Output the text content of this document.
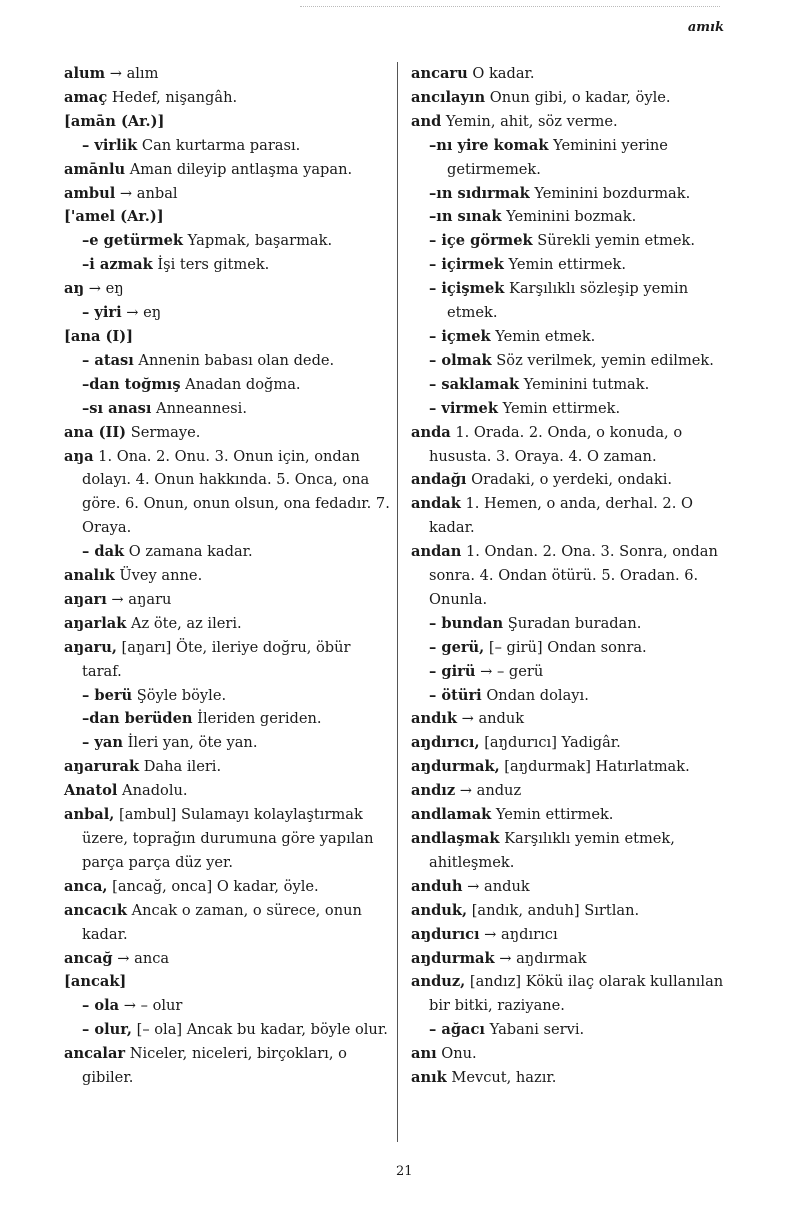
amık

alum → alım

amaç Hedef, nişangâh.

[amān (Ar.)]

– virlik Can kurtarma parası.

amānlu Aman dileyip antlaşma yapan.

ambul → anbal

['amel (Ar.)]

–e getürmek Yapmak, başarmak.

–i azmak İşi ters gitmek.

aŋ → eŋ

– yiri → eŋ

[ana (I)]

– atası Annenin babası olan dede.

–dan toğmış Anadan doğma.

–sı anası Anneannesi.

ana (II) Sermaye.

aŋa 1. Ona. 2. Onu. 3. Onun için, ondan dolayı. 4. Onun hakkında. 5. Onca, ona göre. 6. Onun, onun olsun, ona fedadır. 7. Oraya.

– dak O zamana kadar.

analık Üvey anne.

aŋarı → aŋaru

aŋarlak Az öte, az ileri.

aŋaru, [aŋarı] Öte, ileriye doğru, öbür taraf.

– berü Şöyle böyle.

–dan berüden İleriden geriden.

– yan İleri yan, öte yan.

aŋarurak Daha ileri.

Anatol Anadolu.

anbal, [ambul] Sulamayı kolaylaştırmak üzere, toprağın durumuna göre yapılan parça parça düz yer.

anca, [ancağ, onca] O kadar, öyle.

ancacık Ancak o zaman, o sürece, onun kadar.

ancağ → anca

[ancak]

– ola → – olur

– olur, [– ola] Ancak bu kadar, böyle olur.

ancalar Niceler, niceleri, birçokları, o gibiler.

ancaru O kadar.

ancılayın Onun gibi, o kadar, öyle.

and Yemin, ahit, söz verme.

–nı yire komak Yeminini yerine getirmemek.

–ın sıdırmak Yeminini bozdurmak.

–ın sınak Yeminini bozmak.

– içe görmek Sürekli yemin etmek.

– içirmek Yemin ettirmek.

– içişmek Karşılıklı sözleşip yemin etmek.

– içmek Yemin etmek.

– olmak Söz verilmek, yemin edilmek.

– saklamak Yeminini tutmak.

– virmek Yemin ettirmek.

anda 1. Orada. 2. Onda, o konuda, o hususta. 3. Oraya. 4. O zaman.

andağı Oradaki, o yerdeki, ondaki.

andak 1. Hemen, o anda, derhal. 2. O kadar.

andan 1. Ondan. 2. Ona. 3. Sonra, ondan sonra. 4. Ondan ötürü. 5. Oradan. 6. Onunla.

– bundan Şuradan buradan.

– gerü, [– girü] Ondan sonra.

– girü → – gerü

– ötüri Ondan dolayı.

andık → anduk

aŋdırıcı, [aŋdurıcı] Yadigâr.

aŋdurmak, [aŋdurmak] Hatırlatmak.

andız → anduz

andlamak Yemin ettirmek.

andlaşmak Karşılıklı yemin etmek, ahitleşmek.

anduh → anduk

anduk, [andık, anduh] Sırtlan.

aŋdurıcı → aŋdırıcı

aŋdurmak → aŋdırmak

anduz, [andız] Kökü ilaç olarak kullanılan bir bitki, raziyane.

– ağacı Yabani servi.

anı Onu.

anık Mevcut, hazır.

21
